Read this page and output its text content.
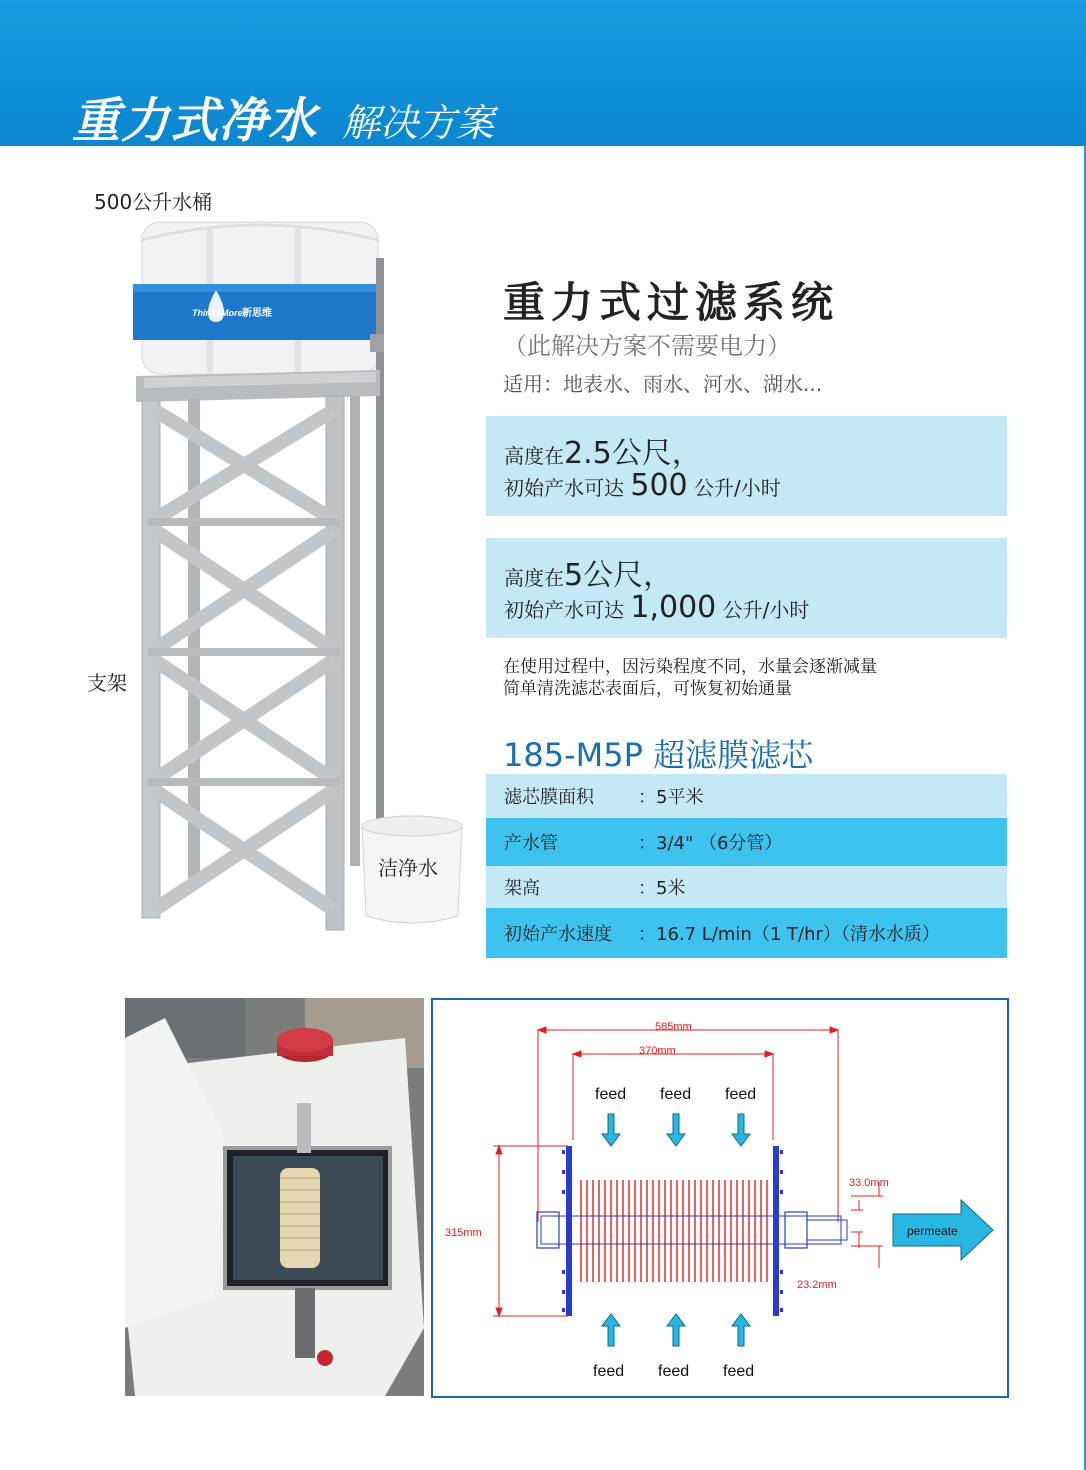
重力式净水 解决方案
ThinksMore 新思维
500公升水桶
支架
洁净水
重力式过滤系统
（此解决方案不需要电力）
适用：地表水、雨水、河水、湖水...
高度在2.5公尺，
初始产水可达 500 公升/小时
高度在5公尺，
初始产水可达 1,000 公升/小时
在使用过程中，因污染程度不同，水量会逐渐减量
简单清洗滤芯表面后，可恢复初始通量
185-M5P 超滤膜滤芯
滤芯膜面积 ：5平米
产水管	：3/4" （6分管）
架高	：5米
初始产水速度 ：16.7 L/min（1 T/hr）（清水水质）
585mm
370mm
315mm
33.0mm
23.2mm
feed feed feed
feed feed feed
permeate
